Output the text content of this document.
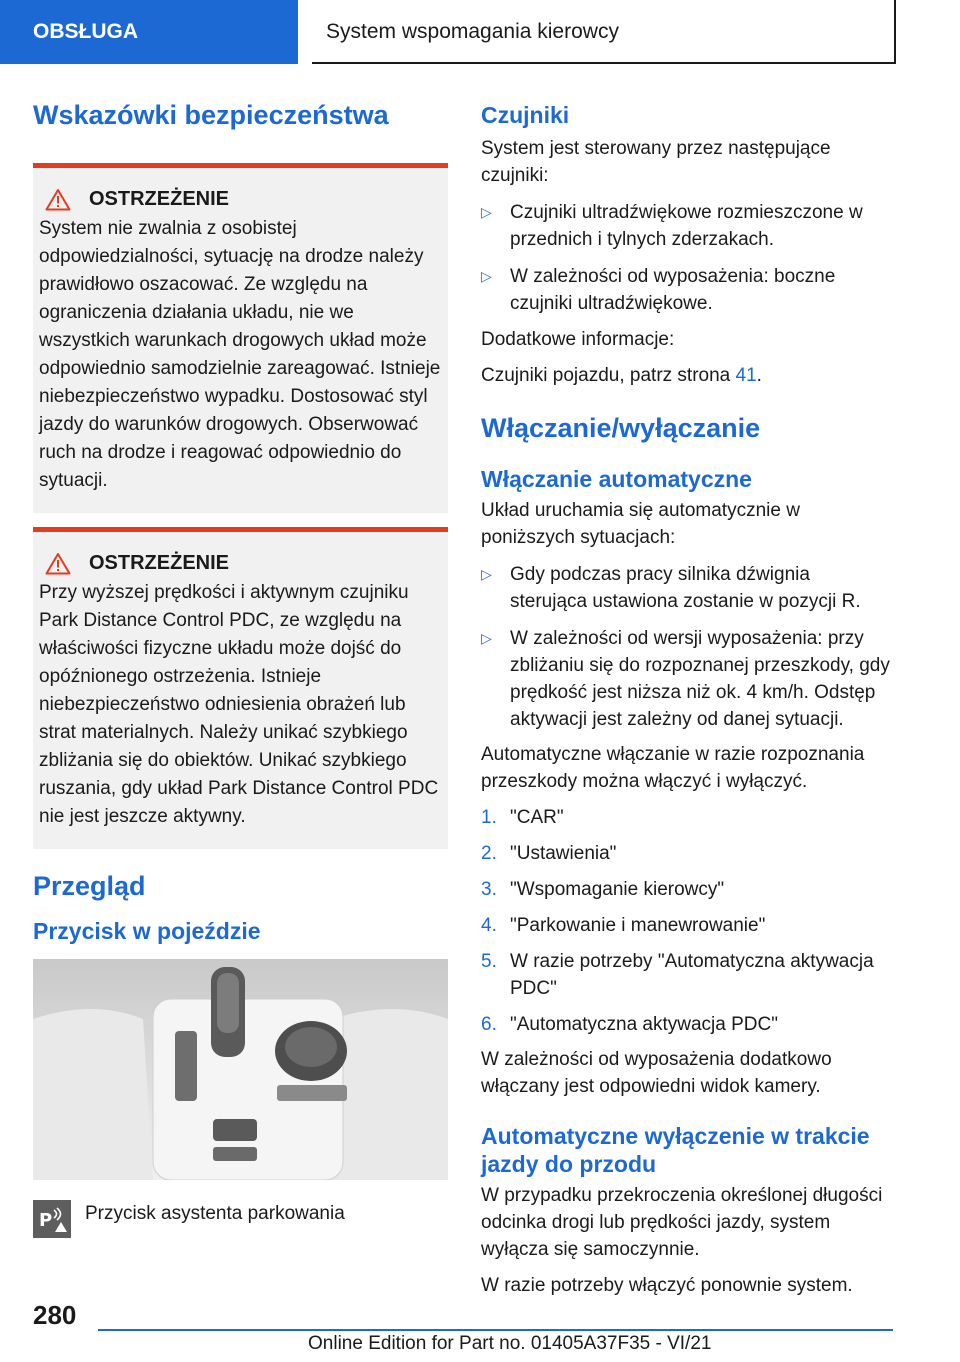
OBSŁUGA	System wspomagania kierowcy
Wskazówki bezpieczeństwa
OSTRZEŻENIE
System nie zwalnia z osobistej odpowiedzialności, sytuację na drodze należy prawidłowo oszacować. Ze względu na ograniczenia działania układu, nie we wszystkich warunkach drogowych układ może odpowiednio samodzielnie zareagować. Istnieje niebezpieczeństwo wypadku. Dostosować styl jazdy do warunków drogowych. Obserwować ruch na drodze i reagować odpowiednio do sytuacji.
OSTRZEŻENIE
Przy wyższej prędkości i aktywnym czujniku Park Distance Control PDC, ze względu na właściwości fizyczne układu może dojść do opóźnionego ostrzeżenia. Istnieje niebezpieczeństwo odniesienia obrażeń lub strat materialnych. Należy unikać szybkiego zbliżania się do obiektów. Unikać szybkiego ruszania, gdy układ Park Distance Control PDC nie jest jeszcze aktywny.
Przegląd
Przycisk w pojeździe
P Przycisk asystenta parkowania

Czujniki

System jest sterowany przez następujące czujniki:

▷ Czujniki ultradźwiękowe rozmieszczone w przednich i tylnych zderzakach.
▷ W zależności od wyposażenia: boczne czujniki ultradźwiękowe.

Dodatkowe informacje:

Czujniki pojazdu, patrz strona 41.

Włączanie/wyłączanie
Włączanie automatyczne

Układ uruchamia się automatycznie w poniższych sytuacjach:

▷ Gdy podczas pracy silnika dźwignia sterująca ustawiona zostanie w pozycji R.
▷ W zależności od wersji wyposażenia: przy zbliżaniu się do rozpoznanej przeszkody, gdy prędkość jest niższa niż ok. 4 km/h. Odstęp aktywacji jest zależny od danej sytuacji.

Automatyczne włączanie w razie rozpoznania przeszkody można włączyć i wyłączyć.

1. "CAR"
2. "Ustawienia"
3. "Wspomaganie kierowcy"
4. "Parkowanie i manewrowanie"
5. W razie potrzeby "Automatyczna aktywacja PDC"
6. "Automatyczna aktywacja PDC"

W zależności od wyposażenia dodatkowo włączany jest odpowiedni widok kamery.

Automatyczne wyłączenie w trakcie jazdy do przodu

W przypadku przekroczenia określonej długości odcinka drogi lub prędkości jazdy, system wyłącza się samoczynnie.

W razie potrzeby włączyć ponownie system.

280
Online Edition for Part no. 01405A37F35 - VI/21
